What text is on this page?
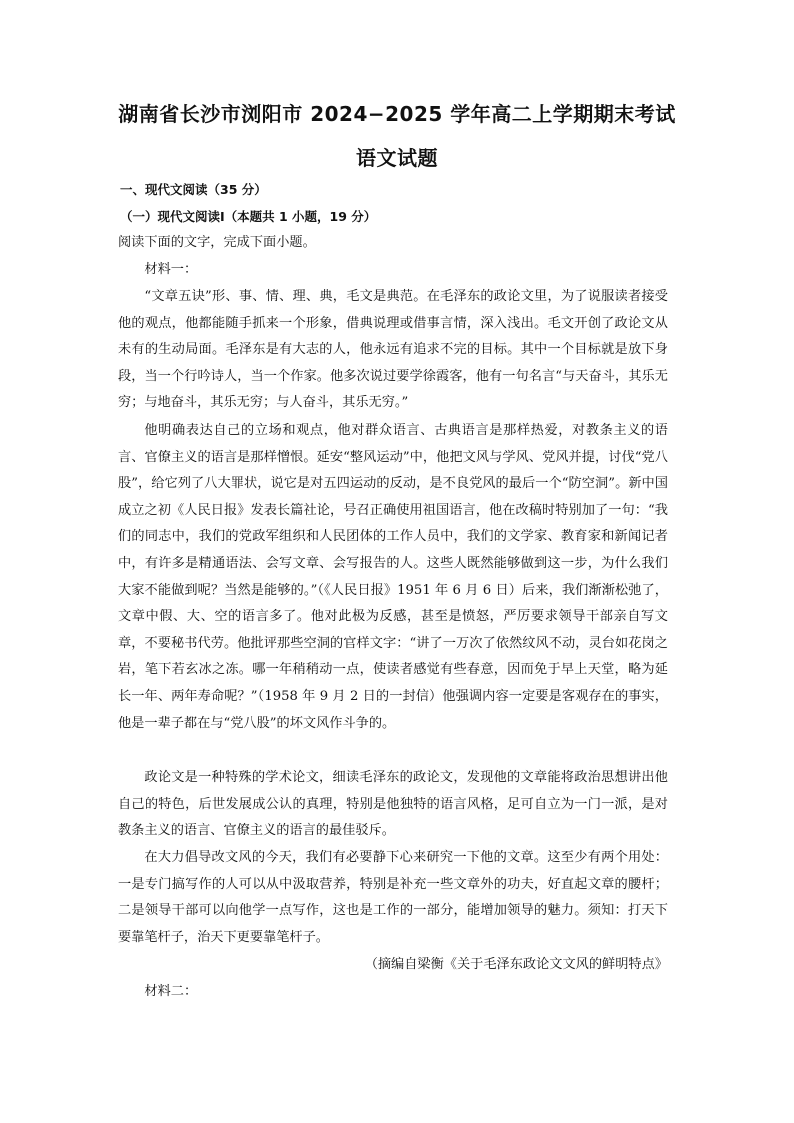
湖南省长沙市浏阳市 2024−2025 学年高二上学期期末考试
语文试题

一、现代文阅读（35 分）

（一）现代文阅读Ⅰ（本题共 1 小题，19 分）

阅读下面的文字，完成下面小题。

材料一：

“文章五诀”形、事、情、理、典，毛文是典范。在毛泽东的政论文里，为了说服读者接受他的观点，他都能随手抓来一个形象，借典说理或借事言情，深入浅出。毛文开创了政论文从未有的生动局面。毛泽东是有大志的人，他永远有追求不完的目标。其中一个目标就是放下身段，当一个行吟诗人，当一个作家。他多次说过要学徐霞客，他有一句名言“与天奋斗，其乐无穷；与地奋斗，其乐无穷；与人奋斗，其乐无穷。”

他明确表达自己的立场和观点，他对群众语言、古典语言是那样热爱，对教条主义的语言、官僚主义的语言是那样憎恨。延安“整风运动”中，他把文风与学风、党风并提，讨伐“党八股”，给它列了八大罪状，说它是对五四运动的反动，是不良党风的最后一个“防空洞”。新中国成立之初《人民日报》发表长篇社论，号召正确使用祖国语言，他在改稿时特别加了一句：“我们的同志中，我们的党政军组织和人民团体的工作人员中，我们的文学家、教育家和新闻记者中，有许多是精通语法、会写文章、会写报告的人。这些人既然能够做到这一步，为什么我们大家不能做到呢？当然是能够的。”（《人民日报》1951 年 6 月 6 日）后来，我们渐渐松弛了，文章中假、大、空的语言多了。他对此极为反感，甚至是愤怒，严厉要求领导干部亲自写文章，不要秘书代劳。他批评那些空洞的官样文字：“讲了一万次了依然纹风不动，灵台如花岗之岩，笔下若玄冰之冻。哪一年稍稍动一点，使读者感觉有些春意，因而免于早上天堂，略为延长一年、两年寿命呢？”（1958 年 9 月 2 日的一封信）他强调内容一定要是客观存在的事实，他是一辈子都在与“党八股”的坏文风作斗争的。

政论文是一种特殊的学术论文，细读毛泽东的政论文，发现他的文章能将政治思想讲出他自己的特色，后世发展成公认的真理，特别是他独特的语言风格，足可自立为一门一派，是对教条主义的语言、官僚主义的语言的最佳驳斥。

在大力倡导改文风的今天，我们有必要静下心来研究一下他的文章。这至少有两个用处：一是专门搞写作的人可以从中汲取营养，特别是补充一些文章外的功夫，好直起文章的腰杆；二是领导干部可以向他学一点写作，这也是工作的一部分，能增加领导的魅力。须知：打天下要靠笔杆子，治天下更要靠笔杆子。

（摘编自梁衡《关于毛泽东政论文文风的鲜明特点》

材料二：
